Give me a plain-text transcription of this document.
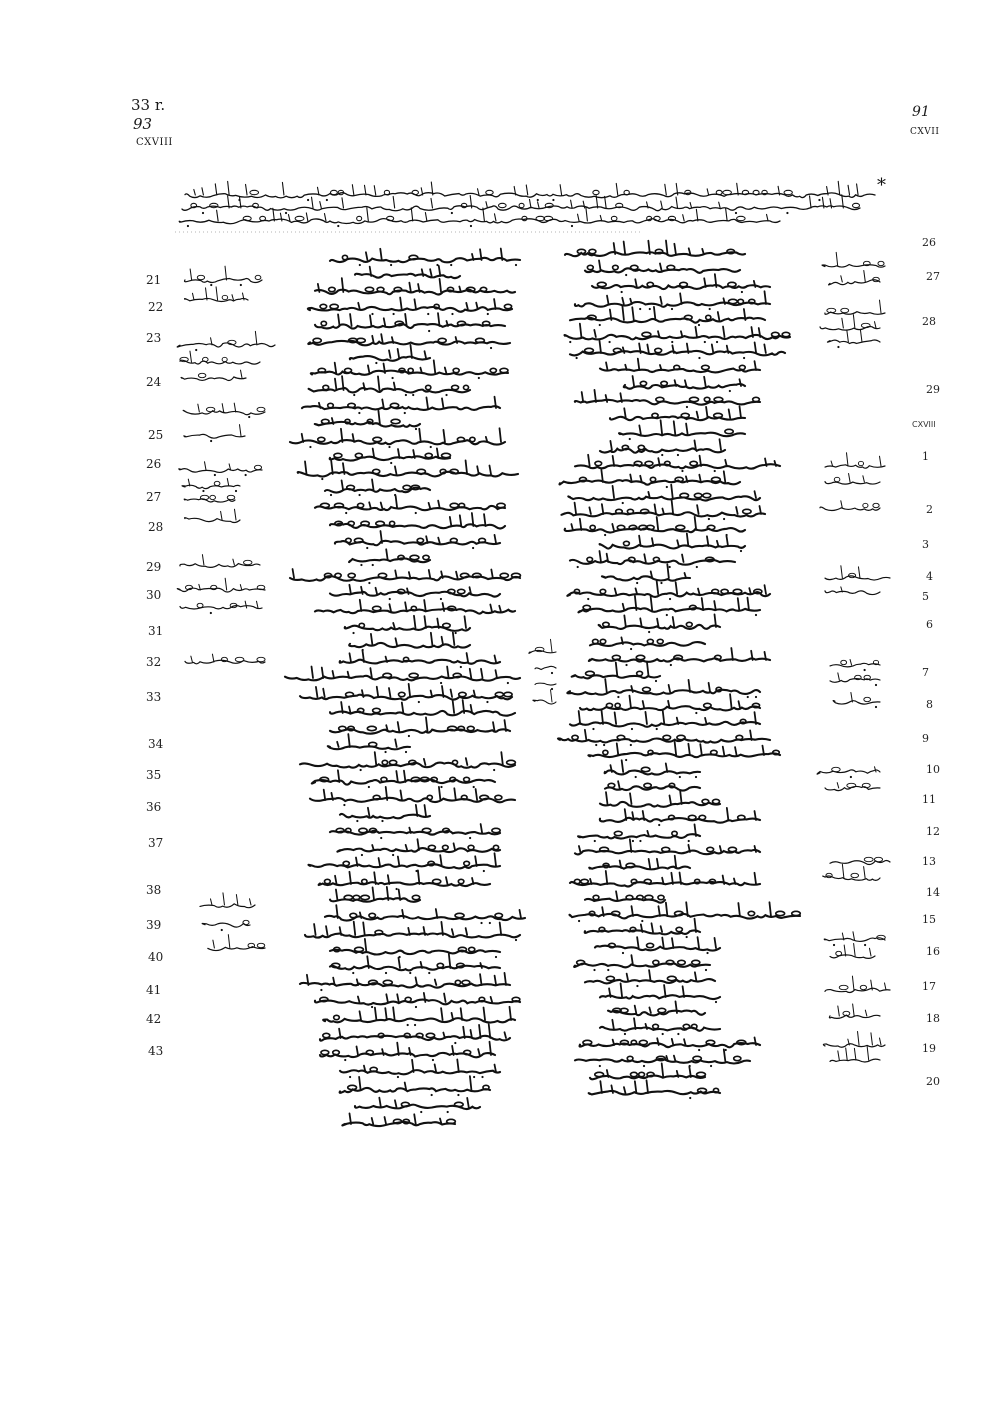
33 r.
93
CXVIII
91
CXVII
*
CXVIII
21
22
23
24
25
26
27
28
29
30
31
32
33
34
35
36
37
38
39
40
41
42
43
26
27
28
29
1
2
3
4
5
6
7
8
9
10
11
12
13
14
15
16
17
18
19
20
